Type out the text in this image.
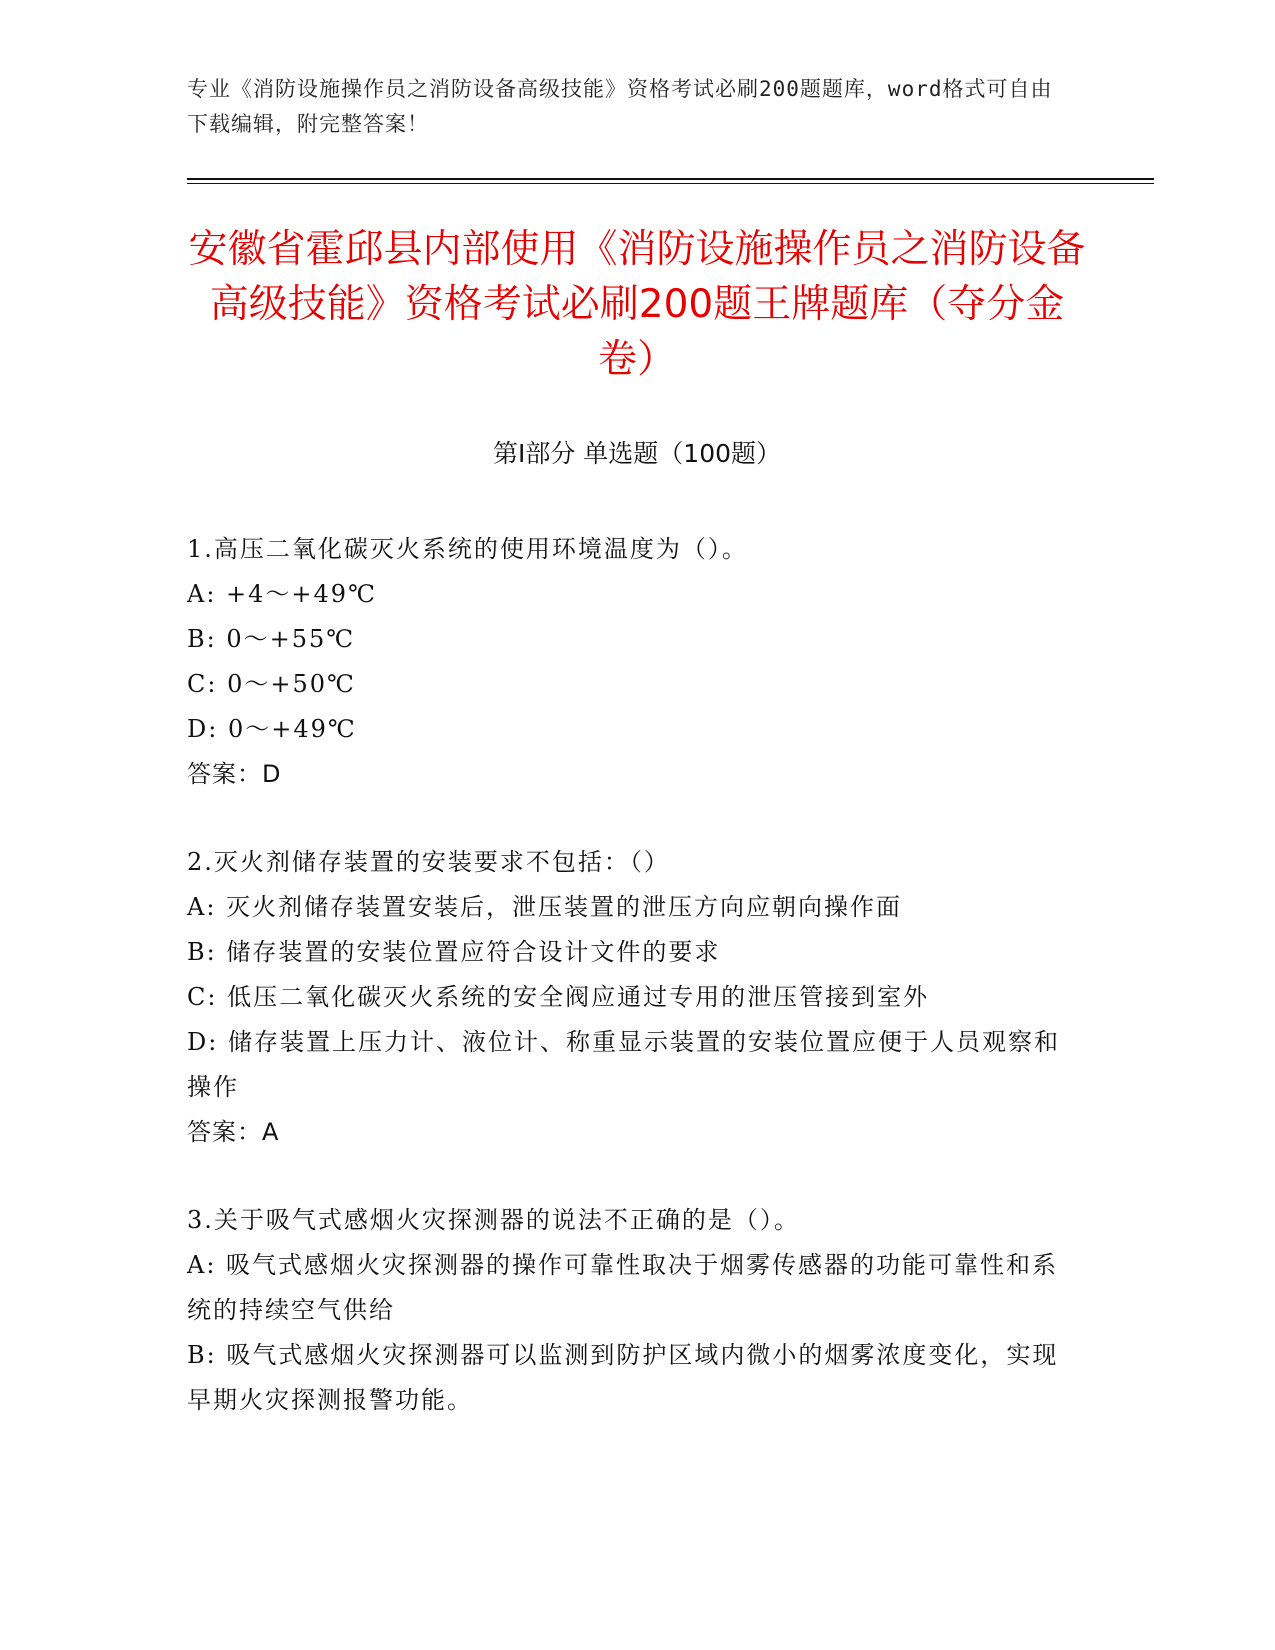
专业《消防设施操作员之消防设备高级技能》资格考试必刷200题题库，word格式可自由下载编辑，附完整答案！
安徽省霍邱县内部使用《消防设施操作员之消防设备高级技能》资格考试必刷200题王牌题库（夺分金卷）
第Ⅰ部分 单选题（100题）

1.高压二氧化碳灭火系统的使用环境温度为（）。

A: +4～+49℃

B: 0～+55℃

C: 0～+50℃

D: 0～+49℃

答案：D

2.灭火剂储存装置的安装要求不包括：（）

A: 灭火剂储存装置安装后，泄压装置的泄压方向应朝向操作面

B: 储存装置的安装位置应符合设计文件的要求

C: 低压二氧化碳灭火系统的安全阀应通过专用的泄压管接到室外

D: 储存装置上压力计、液位计、称重显示装置的安装位置应便于人员观察和操作

答案：A

3.关于吸气式感烟火灾探测器的说法不正确的是（）。

A: 吸气式感烟火灾探测器的操作可靠性取决于烟雾传感器的功能可靠性和系统的持续空气供给

B: 吸气式感烟火灾探测器可以监测到防护区域内微小的烟雾浓度变化，实现早期火灾探测报警功能。
